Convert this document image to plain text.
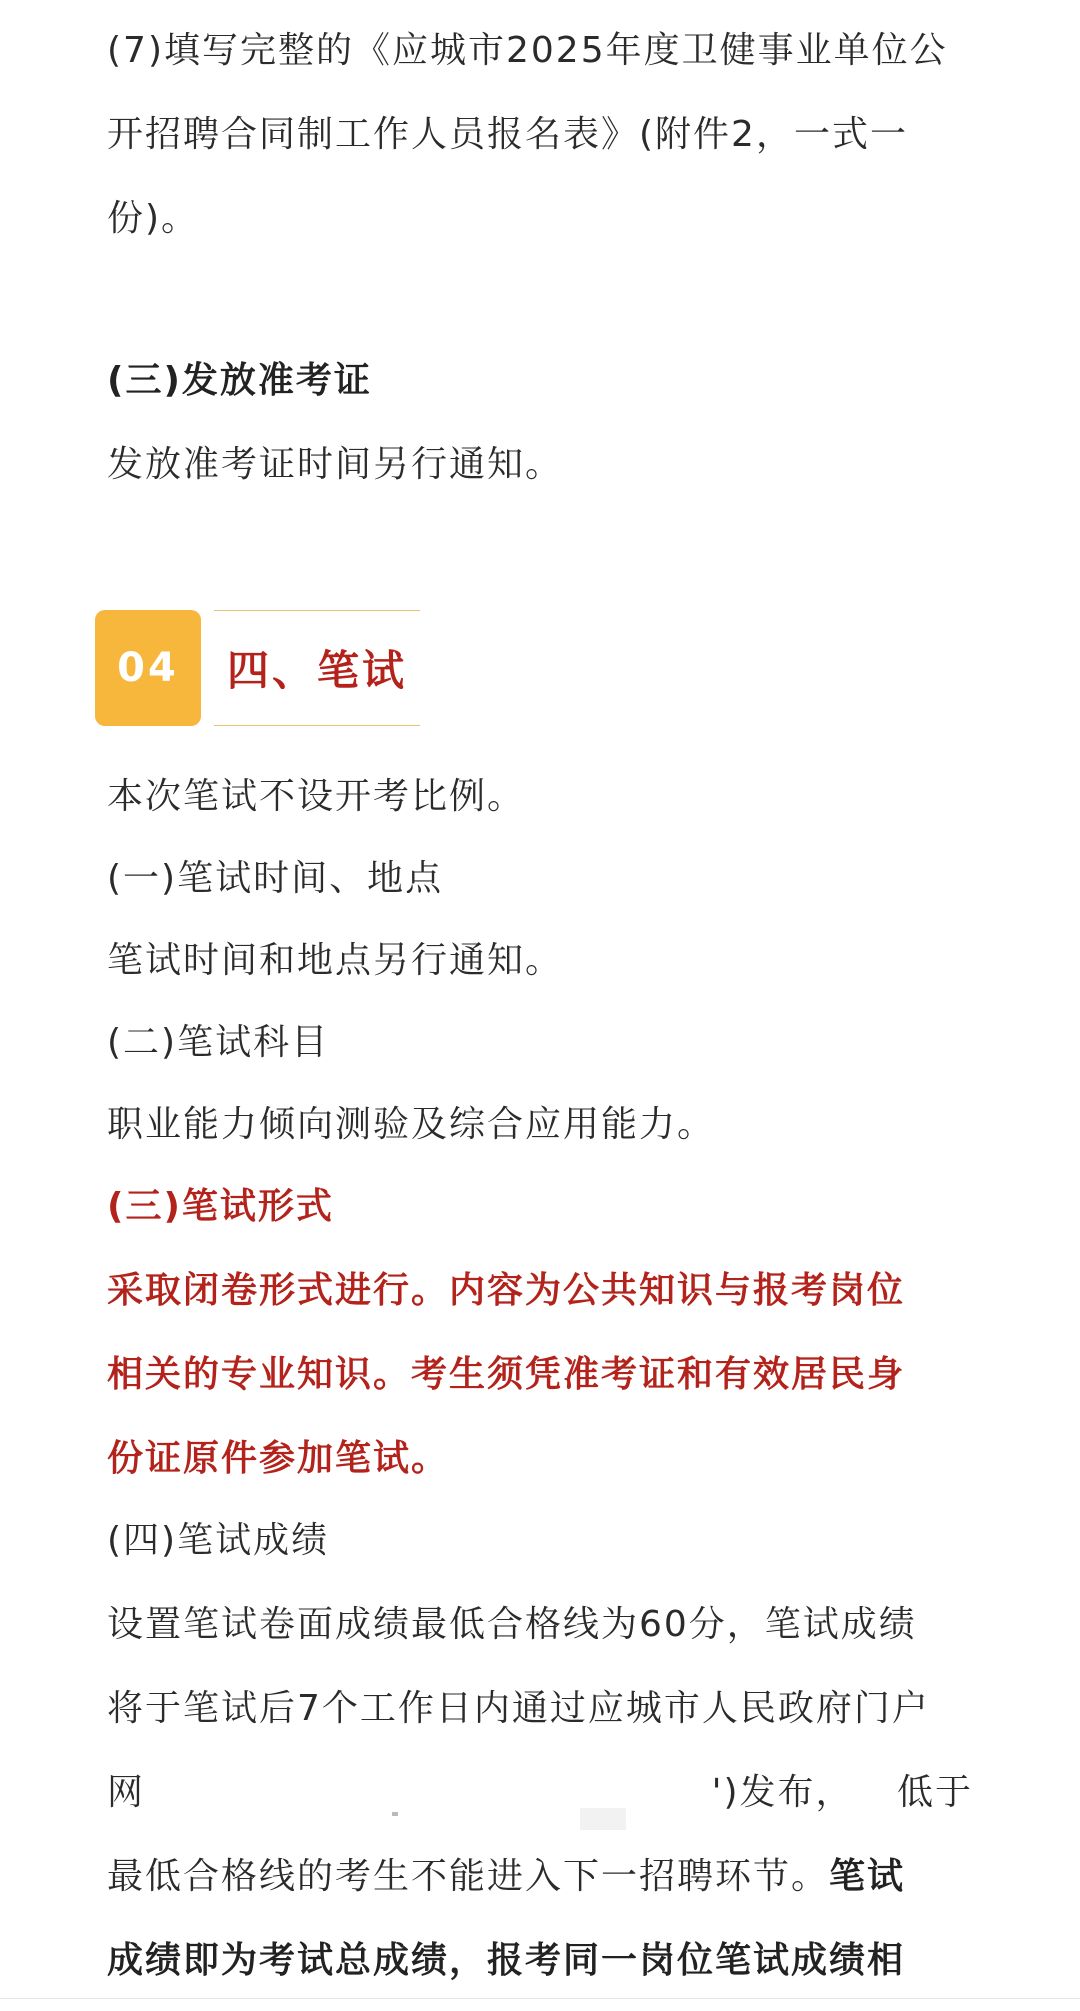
(7)填写完整的《应城市2025年度卫健事业单位公

开招聘合同制工作人员报名表》(附件2，一式一

份)。

(三)发放准考证

发放准考证时间另行通知。

04	四、笔试

本次笔试不设开考比例。

(一)笔试时间、地点

笔试时间和地点另行通知。

(二)笔试科目

职业能力倾向测验及综合应用能力。

(三)笔试形式

采取闭卷形式进行。内容为公共知识与报考岗位

相关的专业知识。考生须凭准考证和有效居民身

份证原件参加笔试。

(四)笔试成绩

设置笔试卷面成绩最低合格线为60分，笔试成绩

将于笔试后7个工作日内通过应城市人民政府门户

网	')发布， 低于

最低合格线的考生不能进入下一招聘环节。笔试

成绩即为考试总成绩，报考同一岗位笔试成绩相
